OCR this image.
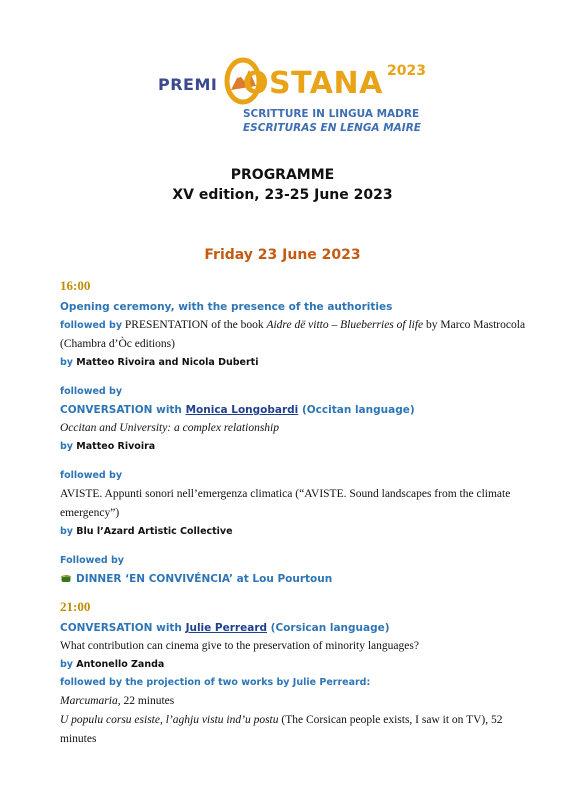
PREMI OSTANA 2023
SCRITTURE IN LINGUA MADRE
ESCRITURAS EN LENGA MAIRE
PROGRAMME
XV edition, 23-25 June 2023
Friday 23 June 2023
16:00
Opening ceremony, with the presence of the authorities
followed by PRESENTATION of the book Aidre dë vitto – Blueberries of life by Marco Mastrocola (Chambra d’Òc editions)
by Matteo Rivoira and Nicola Duberti
followed by
CONVERSATION with Monica Longobardi (Occitan language)
Occitan and University: a complex relationship
by Matteo Rivoira
followed by
AVISTE. Appunti sonori nell’emergenza climatica (“AVISTE. Sound landscapes from the climate emergency”)
by Blu l’Azard Artistic Collective
Followed by
DINNER ‘EN CONVIVÉNCIA’ at Lou Pourtoun
21:00
CONVERSATION with Julie Perreard (Corsican language)
What contribution can cinema give to the preservation of minority languages?
by Antonello Zanda
followed by the projection of two works by Julie Perreard:
Marcumaria, 22 minutes
U populu corsu esiste, l’aghju vistu ind’u postu (The Corsican people exists, I saw it on TV), 52 minutes
